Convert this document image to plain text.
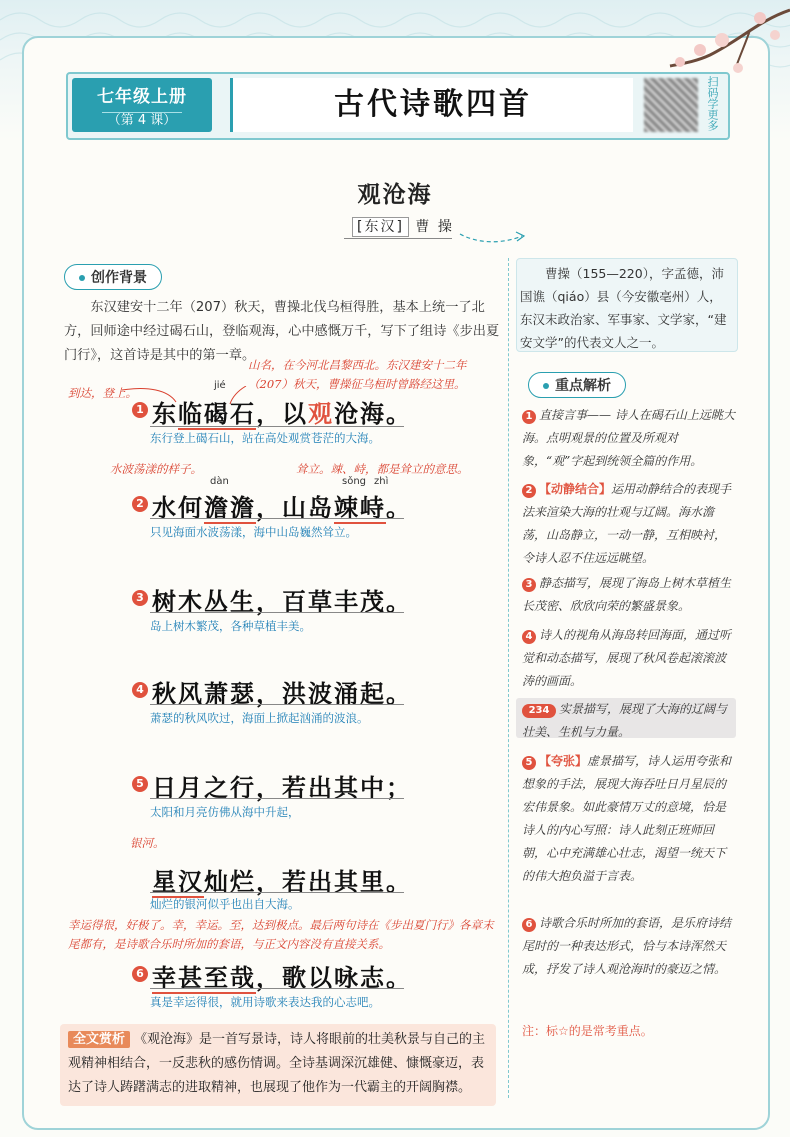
七年级上册
（第 4 课）	古代诗歌四首	扫码学更多
观沧海
[东汉] 曹 操
创作背景
东汉建安十二年（207）秋天，曹操北伐乌桓得胜，基本上统一了北方，回师途中经过碣石山，登临观海，心中感慨万千，写下了组诗《步出夏门行》，这首诗是其中的第一章。
到达，登上。
山名，在今河北昌黎西北。东汉建安十二年（207）秋天，曹操征乌桓时曾路经这里。
1
jié
东临碣石，以观沧海。
东行登上碣石山，站在高处观赏苍茫的大海。
水波荡漾的样子。	耸立。竦、峙，都是耸立的意思。
2
dàn	sǒng zhì
水何澹澹，山岛竦峙。
只见海面水波荡漾，海中山岛巍然耸立。
3 树木丛生，百草丰茂。
岛上树木繁茂，各种草植丰美。
4 秋风萧瑟，洪波涌起。
萧瑟的秋风吹过，海面上掀起汹涌的波浪。
5 日月之行，若出其中；
太阳和月亮仿佛从海中升起，
银河。
星汉灿烂，若出其里。
灿烂的银河似乎也出自大海。
幸运得很，好极了。幸，幸运。至，达到极点。最后两句诗在《步出夏门行》各章末尾都有，是诗歌合乐时所加的套语，与正文内容没有直接关系。
6 幸甚至哉，歌以咏志。
真是幸运得很，就用诗歌来表达我的心志吧。
全文赏析 《观沧海》是一首写景诗，诗人将眼前的壮美秋景与自己的主观精神相结合，一反悲秋的感伤情调。全诗基调深沉雄健、慷慨豪迈，表达了诗人踌躇满志的进取精神，也展现了他作为一代霸主的开阔胸襟。
曹操（155—220），字孟德，沛国谯（qiáo）县（今安徽亳州）人，东汉末政治家、军事家、文学家，“建安文学”的代表文人之一。
重点解析
1 直接言事—— 诗人在碣石山上远眺大海。点明观景的位置及所观对象，“观”字起到统领全篇的作用。
2 【动静结合】运用动静结合的表现手法来渲染大海的壮观与辽阔。海水澹荡，山岛静立，一动一静，互相映衬，令诗人忍不住远远眺望。
3 静态描写，展现了海岛上树木草植生长茂密、欣欣向荣的繁盛景象。
4 诗人的视角从海岛转回海面，通过听觉和动态描写，展现了秋风卷起滚滚波涛的画面。
234 实景描写，展现了大海的辽阔与壮美、生机与力量。
5 【夸张】虚景描写，诗人运用夸张和想象的手法，展现大海吞吐日月星辰的宏伟景象。如此豪情万丈的意境，恰是诗人的内心写照：诗人此刻正班师回朝，心中充满雄心壮志，渴望一统天下的伟大抱负溢于言表。
6 诗歌合乐时所加的套语，是乐府诗结尾时的一种表达形式，恰与本诗浑然天成，抒发了诗人观沧海时的豪迈之情。
注：标☆的是常考重点。
